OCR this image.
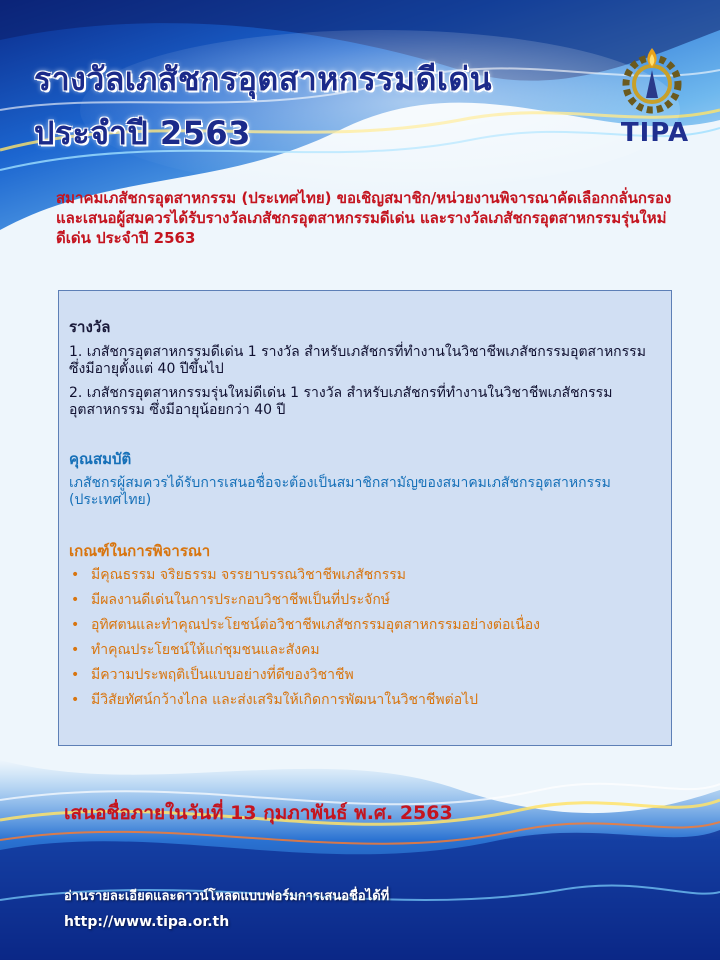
รางวัลเภสัชกรอุตสาหกรรมดีเด่น
ประจำปี 2563	TIPA
สมาคมเภสัชกรอุตสาหกรรม (ประเทศไทย) ขอเชิญสมาชิก/หน่วยงานพิจารณาคัดเลือกกลั่นกรอง และเสนอผู้สมควรได้รับรางวัลเภสัชกรอุตสาหกรรมดีเด่น และรางวัลเภสัชกรอุตสาหกรรมรุ่นใหม่ดีเด่น ประจำปี 2563
รางวัล
1. เภสัชกรอุตสาหกรรมดีเด่น 1 รางวัล สำหรับเภสัชกรที่ทำงานในวิชาชีพเภสัชกรรมอุตสาหกรรม ซึ่งมีอายุตั้งแต่ 40 ปีขึ้นไป
2. เภสัชกรอุตสาหกรรมรุ่นใหม่ดีเด่น 1 รางวัล สำหรับเภสัชกรที่ทำงานในวิชาชีพเภสัชกรรมอุตสาหกรรม ซึ่งมีอายุน้อยกว่า 40 ปี
คุณสมบัติ
เภสัชกรผู้สมควรได้รับการเสนอชื่อจะต้องเป็นสมาชิกสามัญของสมาคมเภสัชกรอุตสาหกรรม (ประเทศไทย)
เกณฑ์ในการพิจารณา
• มีคุณธรรม จริยธรรม จรรยาบรรณวิชาชีพเภสัชกรรม
• มีผลงานดีเด่นในการประกอบวิชาชีพเป็นที่ประจักษ์
• อุทิศตนและทำคุณประโยชน์ต่อวิชาชีพเภสัชกรรมอุตสาหกรรมอย่างต่อเนื่อง
• ทำคุณประโยชน์ให้แก่ชุมชนและสังคม
• มีความประพฤติเป็นแบบอย่างที่ดีของวิชาชีพ
• มีวิสัยทัศน์กว้างไกล และส่งเสริมให้เกิดการพัฒนาในวิชาชีพต่อไป
เสนอชื่อภายในวันที่ 13 กุมภาพันธ์ พ.ศ. 2563
อ่านรายละเอียดและดาวน์โหลดแบบฟอร์มการเสนอชื่อได้ที่
http://www.tipa.or.th
